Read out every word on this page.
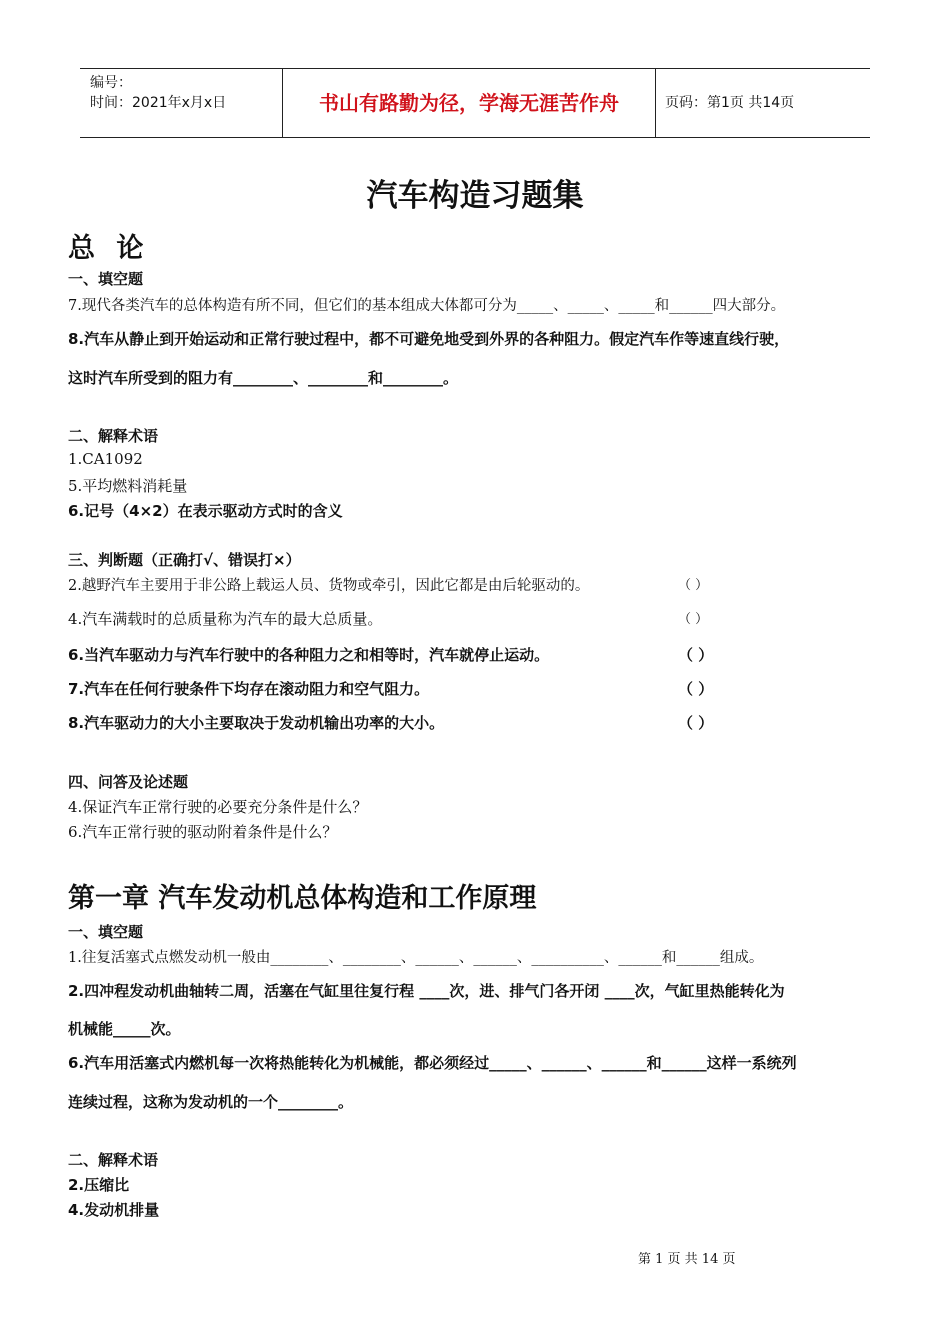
编号：
时间：2021年x月x日	书山有路勤为径，学海无涯苦作舟	页码：第1页 共14页
汽车构造习题集
总 论
一、填空题
7.现代各类汽车的总体构造有所不同，但它们的基本组成大体都可分为_____、_____、_____和______四大部分。
8.汽车从静止到开始运动和正常行驶过程中，都不可避免地受到外界的各种阻力。假定汽车作等速直线行驶，
这时汽车所受到的阻力有________、________和________。
二、解释术语
1.CA1092
5.平均燃料消耗量
6.记号（4×2）在表示驱动方式时的含义
三、判断题（正确打√、错误打×）
2.越野汽车主要用于非公路上载运人员、货物或牵引，因此它都是由后轮驱动的。	（ ）
4.汽车满载时的总质量称为汽车的最大总质量。	（ ）
6.当汽车驱动力与汽车行驶中的各种阻力之和相等时，汽车就停止运动。	（ ）
7.汽车在任何行驶条件下均存在滚动阻力和空气阻力。	（ ）
8.汽车驱动力的大小主要取决于发动机输出功率的大小。	（ ）
四、问答及论述题
4.保证汽车正常行驶的必要充分条件是什么？
6.汽车正常行驶的驱动附着条件是什么？
第一章 汽车发动机总体构造和工作原理
一、填空题
1.往复活塞式点燃发动机一般由________、________、______、______、__________、______和______组成。
2.四冲程发动机曲轴转二周，活塞在气缸里往复行程 ____次，进、排气门各开闭 ____次，气缸里热能转化为
机械能_____次。
6.汽车用活塞式内燃机每一次将热能转化为机械能，都必须经过_____、______、______和______这样一系统列
连续过程，这称为发动机的一个________。
二、解释术语
2.压缩比
4.发动机排量
第 1 页 共 14 页
